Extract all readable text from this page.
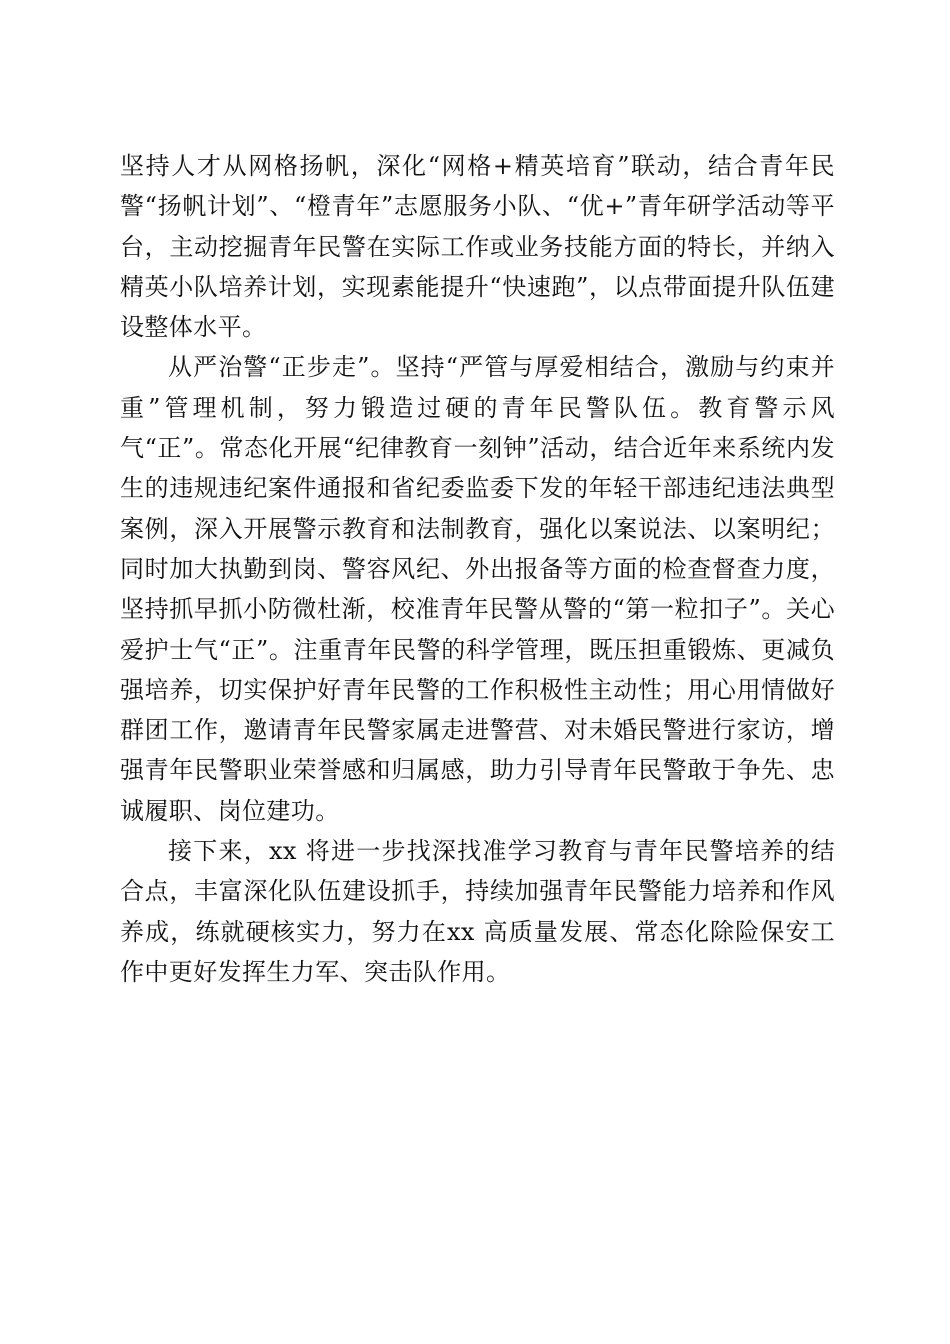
坚持人才从网格扬帆，深化“网格+精英培育”联动，结合青年民警“扬帆计划”、“橙青年”志愿服务小队、“优+”青年研学活动等平台，主动挖掘青年民警在实际工作或业务技能方面的特长，并纳入精英小队培养计划，实现素能提升“快速跑”，以点带面提升队伍建设整体水平。

从严治警“正步走”。坚持“严管与厚爱相结合，激励与约束并重”管理机制，努力锻造过硬的青年民警队伍。教育警示风气“正”。常态化开展“纪律教育一刻钟”活动，结合近年来系统内发生的违规违纪案件通报和省纪委监委下发的年轻干部违纪违法典型案例，深入开展警示教育和法制教育，强化以案说法、以案明纪；同时加大执勤到岗、警容风纪、外出报备等方面的检查督查力度，坚持抓早抓小防微杜渐，校准青年民警从警的“第一粒扣子”。关心爱护士气“正”。注重青年民警的科学管理，既压担重锻炼、更减负强培养，切实保护好青年民警的工作积极性主动性；用心用情做好群团工作，邀请青年民警家属走进警营、对未婚民警进行家访，增强青年民警职业荣誉感和归属感，助力引导青年民警敢于争先、忠诚履职、岗位建功。

接下来，xx 将进一步找深找准学习教育与青年民警培养的结合点，丰富深化队伍建设抓手，持续加强青年民警能力培养和作风养成，练就硬核实力，努力在xx 高质量发展、常态化除险保安工作中更好发挥生力军、突击队作用。
